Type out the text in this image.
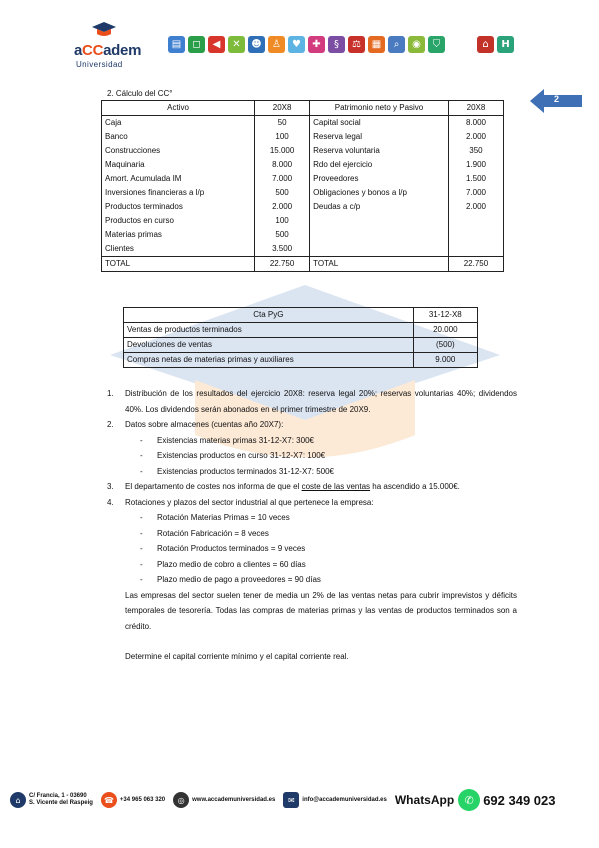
aCCadem
Universidad
▤	◻	◀	✕	☻	♙	♥	✚	§	⚖	▦	⌕	◉	⛉	⌂	H
2
2. Cálculo del CC°
Activo	20X8	Patrimonio neto y Pasivo	20X8
Caja	50	Capital social	8.000
Banco	100	Reserva legal	2.000
Construcciones	15.000	Reserva voluntaria	350
Maquinaria	8.000	Rdo del ejercicio	1.900
Amort. Acumulada IM	7.000	Proveedores	1.500
Inversiones financieras a l/p	500	Obligaciones y bonos a l/p	7.000
Productos terminados	2.000	Deudas a c/p	2.000
Productos en curso	100		
Materias primas	500		
Clientes	3.500		
TOTAL	22.750	TOTAL	22.750
Cta PyG	31-12-X8
Ventas de productos terminados	20.000
Devoluciones de ventas	(500)
Compras netas de materias primas y auxiliares	9.000
1. Distribución de los resultados del ejercicio 20X8: reserva legal 20%; reservas voluntarias 40%; dividendos 40%. Los dividendos serán abonados en el primer trimestre de 20X9.
2. Datos sobre almacenes (cuentas año 20X7):
- Existencias materias primas 31-12-X7: 300€
- Existencias productos en curso 31-12-X7: 100€
- Existencias productos terminados 31-12-X7: 500€
3. El departamento de costes nos informa de que el coste de las ventas ha ascendido a 15.000€.
4. Rotaciones y plazos del sector industrial al que pertenece la empresa:
- Rotación Materias Primas = 10 veces
- Rotación Fabricación = 8 veces
- Rotación Productos terminados = 9 veces
- Plazo medio de cobro a clientes = 60 días
- Plazo medio de pago a proveedores = 90 días
Las empresas del sector suelen tener de media un 2% de las ventas netas para cubrir imprevistos y déficits temporales de tesorería. Todas las compras de materias primas y las ventas de productos terminados son a crédito.
Determine el capital corriente mínimo y el capital corriente real.
⌂	C/ Francia, 1 - 03690
S. Vicente del Raspeig	☎	+34 965 063 320	◎	www.accademuniversidad.es	✉	info@accademuniversidad.es WhatsApp ✆ 692 349 023
